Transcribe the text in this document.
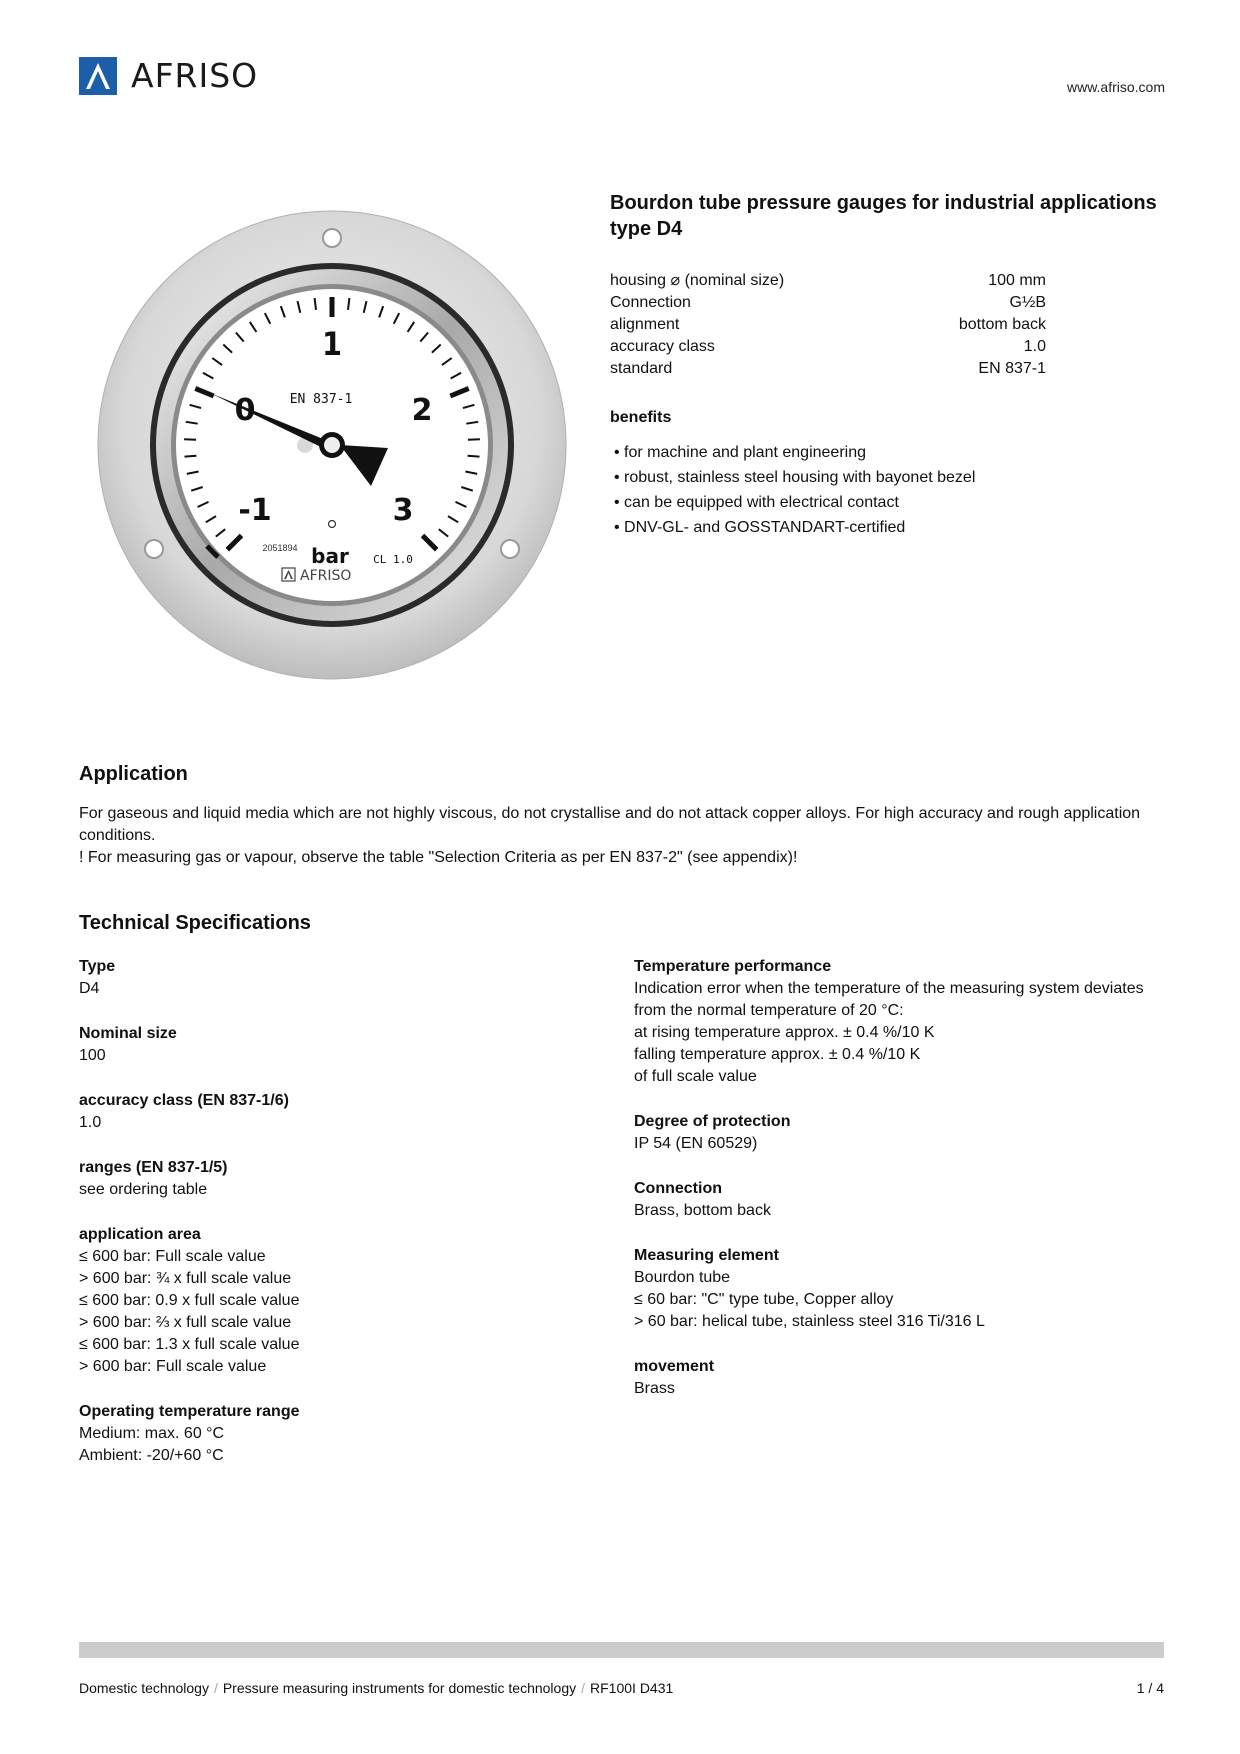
AFRISO	www.afriso.com
1
0	2
-1	3
EN 837-1
bar CL 1.0
2051894
AFRISO
Bourdon tube pressure gauges for industrial applications type D4
housing ⌀ (nominal size)	100 mm
Connection	G½B
alignment	bottom back
accuracy class	1.0
standard	EN 837-1
benefits
• for machine and plant engineering
• robust, stainless steel housing with bayonet bezel
• can be equipped with electrical contact
• DNV-GL- and GOSSTANDART-certified
Application

For gaseous and liquid media which are not highly viscous, do not crystallise and do not attack copper alloys. For high accuracy and rough application conditions.

! For measuring gas or vapour, observe the table "Selection Criteria as per EN 837-2" (see appendix)!

Technical Specifications
Type
D4
Nominal size
100
accuracy class (EN 837-1/6)
1.0
ranges (EN 837-1/5)
see ordering table
application area
≤ 600 bar: Full scale value
> 600 bar: ¾ x full scale value
≤ 600 bar: 0.9 x full scale value
> 600 bar: ⅔ x full scale value
≤ 600 bar: 1.3 x full scale value
> 600 bar: Full scale value
Operating temperature range
Medium: max. 60 °C
Ambient: -20/+60 °C
Temperature performance
Indication error when the temperature of the measuring system deviates from the normal temperature of 20 °C:
at rising temperature approx. ± 0.4 %/10 K
falling temperature approx. ± 0.4 %/10 K
of full scale value
Degree of protection
IP 54 (EN 60529)
Connection
Brass, bottom back
Measuring element
Bourdon tube
≤ 60 bar: "C" type tube, Copper alloy
> 60 bar: helical tube, stainless steel 316 Ti/316 L
movement
Brass
Domestic technology / Pressure measuring instruments for domestic technology / RF100I D431	1 / 4
